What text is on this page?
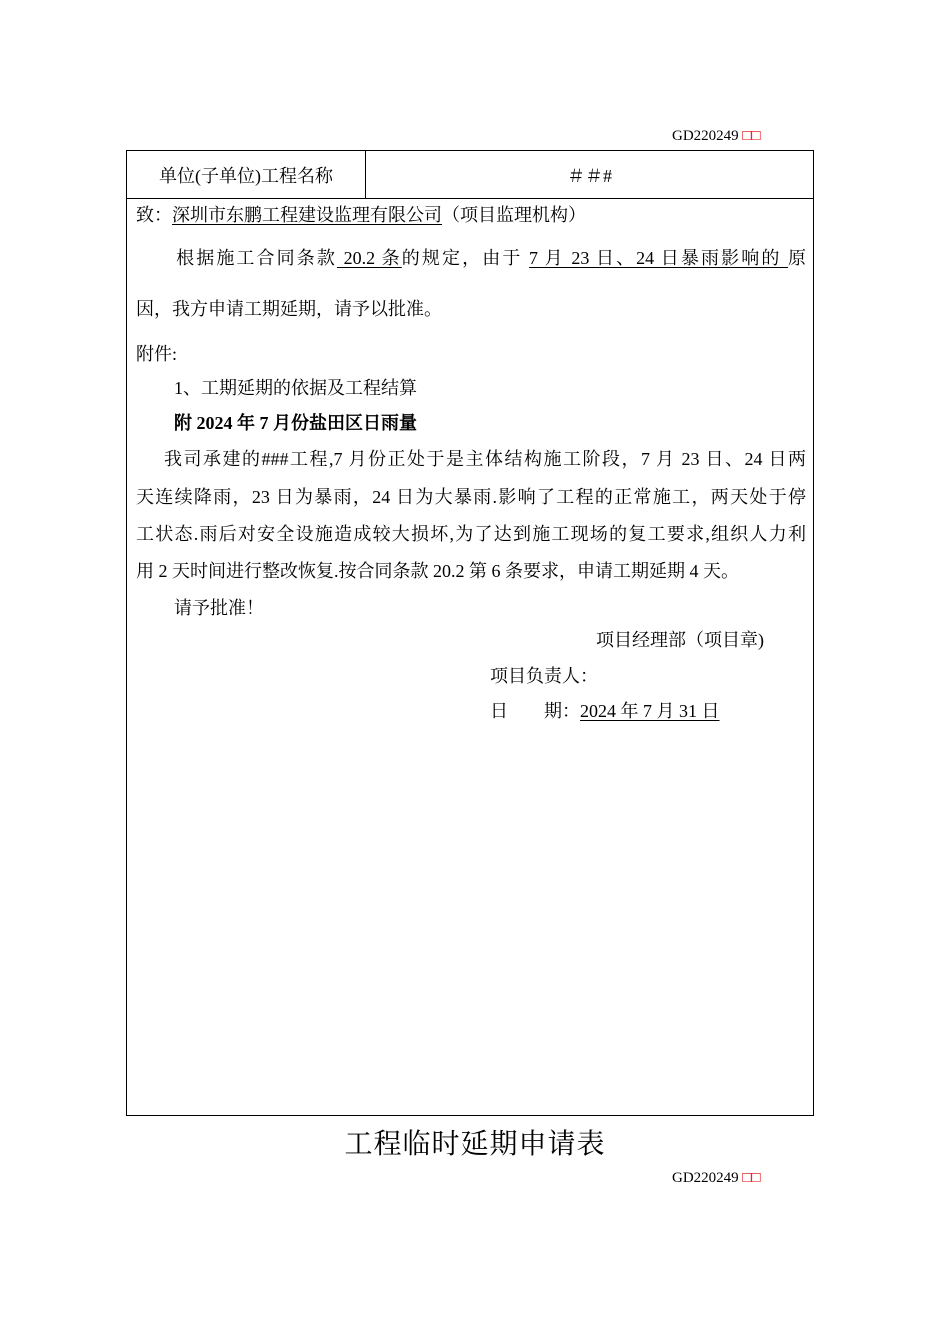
GD220249 □□
单位(子单位)工程名称	＃＃#
致：深圳市东鹏工程建设监理有限公司（项目监理机构）
根据施工合同条款 20.2 条的规定，由于 7 月 23 日、24 日暴雨影响的 原
因，我方申请工期延期，请予以批准。
附件:
1、工期延期的依据及工程结算
附 2024 年 7 月份盐田区日雨量
我司承建的###工程,7 月份正处于是主体结构施工阶段，7 月 23 日、24 日两
天连续降雨，23 日为暴雨，24 日为大暴雨.影响了工程的正常施工，两天处于停
工状态.雨后对安全设施造成较大损坏,为了达到施工现场的复工要求,组织人力利
用 2 天时间进行整改恢复.按合同条款 20.2 第 6 条要求，申请工期延期 4 天。
请予批准！
项目经理部（项目章)
项目负责人：
日　　期：2024 年 7 月 31 日
工程临时延期申请表
GD220249 □□
